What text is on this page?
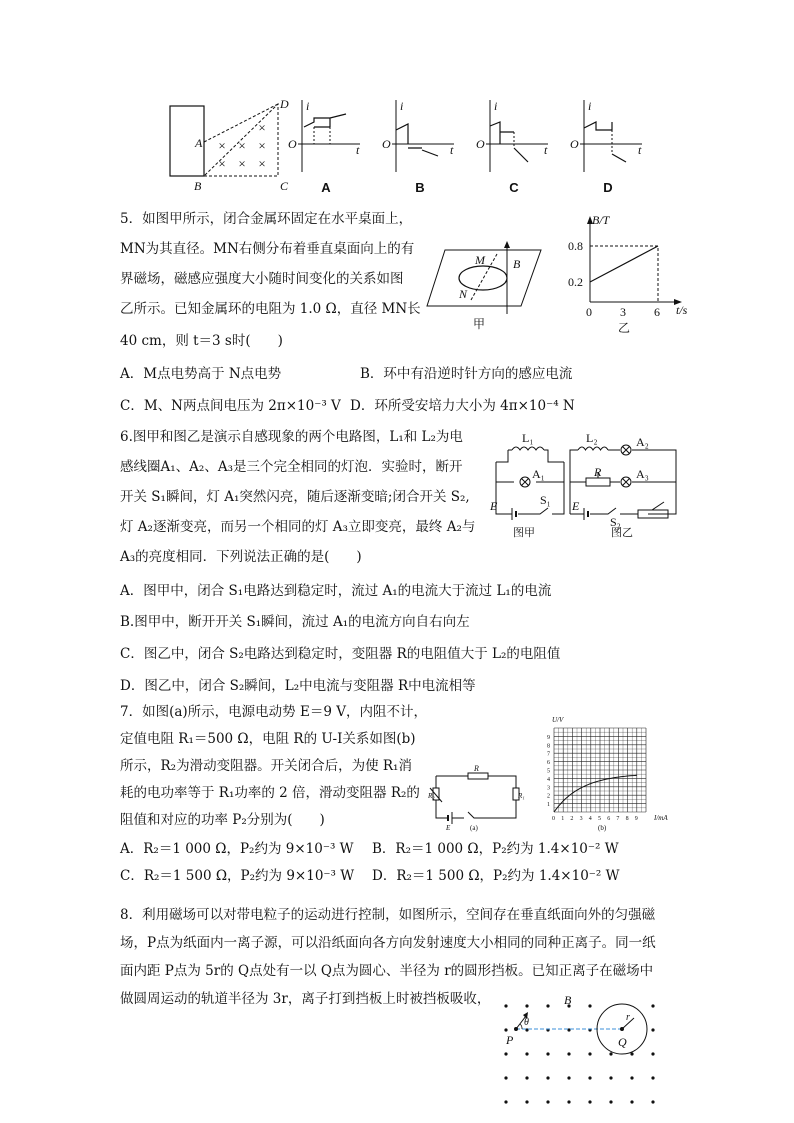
A
B
D
C
×
× × ×
× × ×
i
O	t
A
i
O	t
B
i
O	t
C
i
O	t
D
5．如图甲所示，闭合金属环固定在水平桌面上，
MN为其直径。MN右侧分布着垂直桌面向上的有
界磁场，磁感应强度大小随时间变化的关系如图
乙所示。已知金属环的电阻为 1.0 Ω，直径 MN长
40 cm，则 t＝3 s时(　　)
A．M点电势高于 N点电势	B．环中有沿逆时针方向的感应电流
C．M、N两点间电压为 2π×10⁻³ V D．环所受安培力大小为 4π×10⁻⁴ N
M
N
B
甲
B/T
t/s
0.8
0.2
0 3 6
乙
6.图甲和图乙是演示自感现象的两个电路图，L₁和 L₂为电
感线圈A₁、A₂、A₃是三个完全相同的灯泡．实验时，断开
开关 S₁瞬间，灯 A₁突然闪亮，随后逐渐变暗;闭合开关 S₂,
灯 A₂逐渐变亮，而另一个相同的灯 A₃立即变亮，最终 A₂与
A₃的亮度相同．下列说法正确的是(　　)
A．图甲中，闭合 S₁电路达到稳定时，流过 A₁的电流大于流过 L₁的电流
B.图甲中，断开开关 S₁瞬间，流过 A₁的电流方向自右向左
C．图乙中，闭合 S₂电路达到稳定时，变阻器 R的电阻值大于 L₂的电阻值
D．图乙中，闭合 S₂瞬间，L₂中电流与变阻器 R中电流相等
L₁
A₁
E	S₁
图甲
L₂	A₂
R	A₃
E
S₂
图乙
7．如图(a)所示，电源电动势 E＝9 V，内阻不计，
定值电阻 R₁＝500 Ω，电阻 R的 U-I关系如图(b)
所示，R₂为滑动变阻器。开关闭合后，为使 R₁消
耗的电功率等于 R₁功率的 2 倍，滑动变阻器 R₂的
阻值和对应的功率 P₂分别为(　　)
A．R₂＝1 000 Ω，P₂约为 9×10⁻³ W B．R₂＝1 000 Ω，P₂约为 1.4×10⁻² W
C．R₂＝1 500 Ω，P₂约为 9×10⁻³ W D．R₂＝1 500 Ω，P₂约为 1.4×10⁻² W
R
R₂	R₁
E	(a)
9
8
7
6
5
4
3
2
1
0 1 2 3 4 5 6 7 8 9
U/V
I/mA
(b)
8．利用磁场可以对带电粒子的运动进行控制，如图所示，空间存在垂直纸面向外的匀强磁
场，P点为纸面内一离子源，可以沿纸面向各方向发射速度大小相同的同种正离子。同一纸
面内距 P点为 5r的 Q点处有一以 Q点为圆心、半径为 r的圆形挡板。已知正离子在磁场中
做圆周运动的轨道半径为 3r，离子打到挡板上时被挡板吸收，
θ
B
P	Q
r
